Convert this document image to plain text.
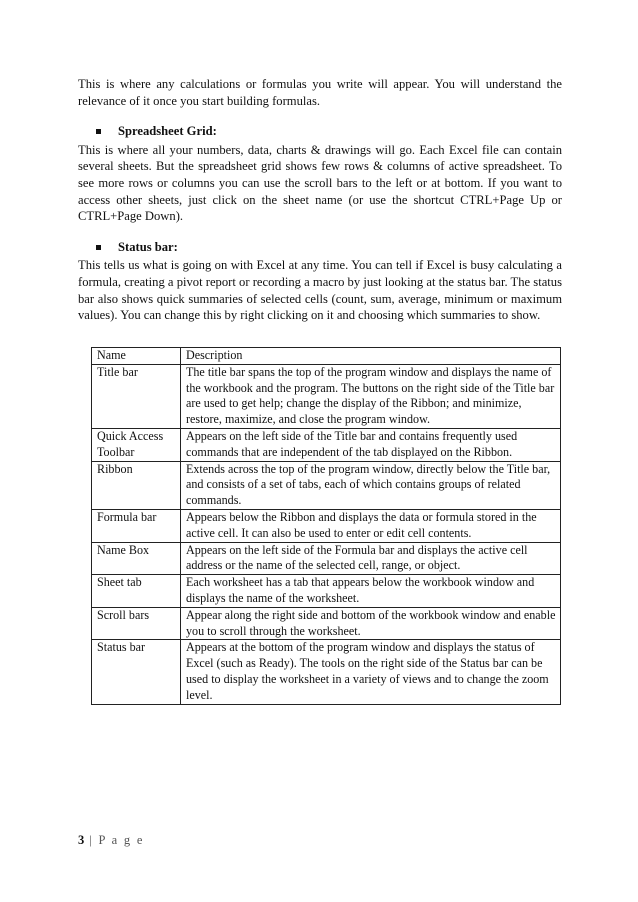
This is where any calculations or formulas you write will appear. You will understand the relevance of it once you start building formulas.

Spreadsheet Grid:

This is where all your numbers, data, charts & drawings will go. Each Excel file can contain several sheets. But the spreadsheet grid shows few rows & columns of active spreadsheet. To see more rows or columns you can use the scroll bars to the left or at bottom. If you want to access other sheets, just click on the sheet name (or use the shortcut CTRL+Page Up or CTRL+Page Down).

Status bar:

This tells us what is going on with Excel at any time. You can tell if Excel is busy calculating a formula, creating a pivot report or recording a macro by just looking at the status bar. The status bar also shows quick summaries of selected cells (count, sum, average, minimum or maximum values). You can change this by right clicking on it and choosing which summaries to show.

Name	Description
Title bar	The title bar spans the top of the program window and displays the name of the workbook and the program. The buttons on the right side of the Title bar are used to get help; change the display of the Ribbon; and minimize, restore, maximize, and close the program window.
Quick Access Toolbar	Appears on the left side of the Title bar and contains frequently used commands that are independent of the tab displayed on the Ribbon.
Ribbon	Extends across the top of the program window, directly below the Title bar, and consists of a set of tabs, each of which contains groups of related commands.
Formula bar	Appears below the Ribbon and displays the data or formula stored in the active cell. It can also be used to enter or edit cell contents.
Name Box	Appears on the left side of the Formula bar and displays the active cell address or the name of the selected cell, range, or object.
Sheet tab	Each worksheet has a tab that appears below the workbook window and displays the name of the worksheet.
Scroll bars	Appear along the right side and bottom of the workbook window and enable you to scroll through the worksheet.
Status bar	Appears at the bottom of the program window and displays the status of Excel (such as Ready). The tools on the right side of the Status bar can be used to display the worksheet in a variety of views and to change the zoom level.
3 | P a g e
